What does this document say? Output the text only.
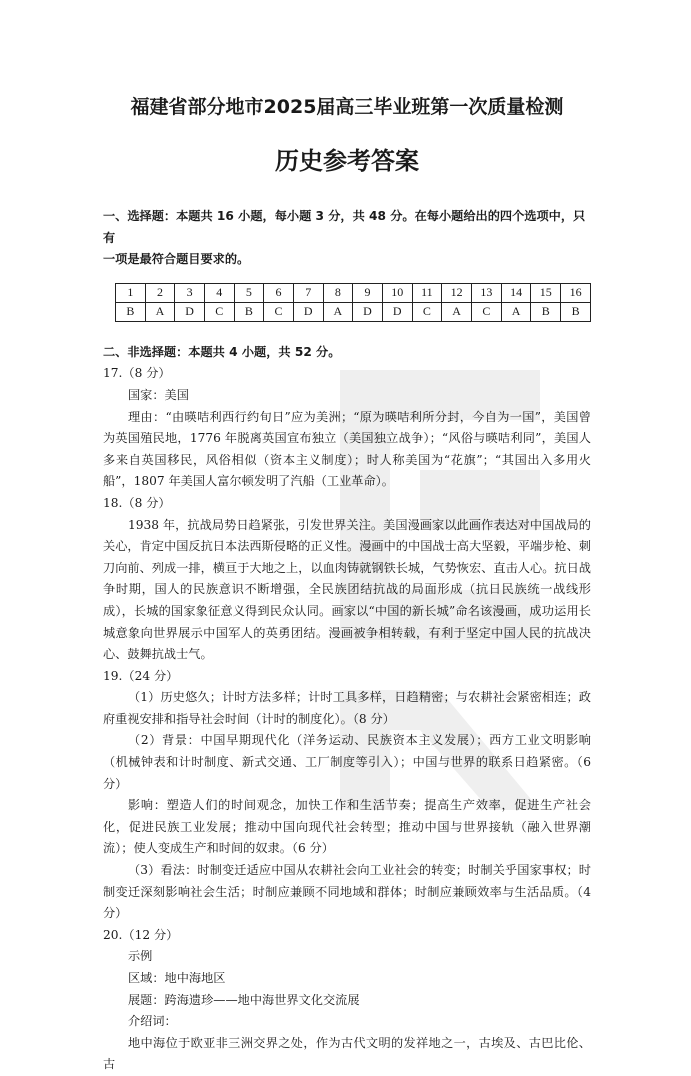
福建省部分地市2025届高三毕业班第一次质量检测
历史参考答案

一、选择题：本题共 16 小题，每小题 3 分，共 48 分。在每小题给出的四个选项中，只有

一项是最符合题目要求的。

1	2	3	4	5	6	7	8	9	10	11	12	13	14	15	16
B	A	D	C	B	C	D	A	D	D	C	A	C	A	B	B

二、非选择题：本题共 4 小题，共 52 分。

17.（8 分）

国家：美国

理由：“由暎咭利西行约旬日”应为美洲；“原为暎咭利所分封，今自为一国”，美国曾为英国殖民地，1776 年脱离英国宣布独立（美国独立战争）；“风俗与暎咭利同”，美国人多来自英国移民，风俗相似（资本主义制度）；时人称美国为“花旗”；“其国出入多用火船”，1807 年美国人富尔顿发明了汽船（工业革命）。

18.（8 分）

1938 年，抗战局势日趋紧张，引发世界关注。美国漫画家以此画作表达对中国战局的关心，肯定中国反抗日本法西斯侵略的正义性。漫画中的中国战士高大坚毅，平端步枪、刺刀向前、列成一排，横亘于大地之上，以血肉铸就钢铁长城，气势恢宏、直击人心。抗日战争时期，国人的民族意识不断增强，全民族团结抗战的局面形成（抗日民族统一战线形成），长城的国家象征意义得到民众认同。画家以“中国的新长城”命名该漫画，成功运用长城意象向世界展示中国军人的英勇团结。漫画被争相转载，有利于坚定中国人民的抗战决心、鼓舞抗战士气。

19.（24 分）

（1）历史悠久；计时方法多样；计时工具多样，日趋精密；与农耕社会紧密相连；政府重视安排和指导社会时间（计时的制度化）。（8 分）

（2）背景：中国早期现代化（洋务运动、民族资本主义发展）；西方工业文明影响（机械钟表和计时制度、新式交通、工厂制度等引入）；中国与世界的联系日趋紧密。（6 分）

影响：塑造人们的时间观念，加快工作和生活节奏；提高生产效率，促进生产社会化，促进民族工业发展；推动中国向现代社会转型；推动中国与世界接轨（融入世界潮流）；使人变成生产和时间的奴隶。（6 分）

（3）看法：时制变迁适应中国从农耕社会向工业社会的转变；时制关乎国家事权；时制变迁深刻影响社会生活；时制应兼顾不同地域和群体；时制应兼顾效率与生活品质。（4 分）

20.（12 分）

示例

区域：地中海地区

展题：跨海遗珍——地中海世界文化交流展

介绍词：

地中海位于欧亚非三洲交界之处，作为古代文明的发祥地之一，古埃及、古巴比伦、古
